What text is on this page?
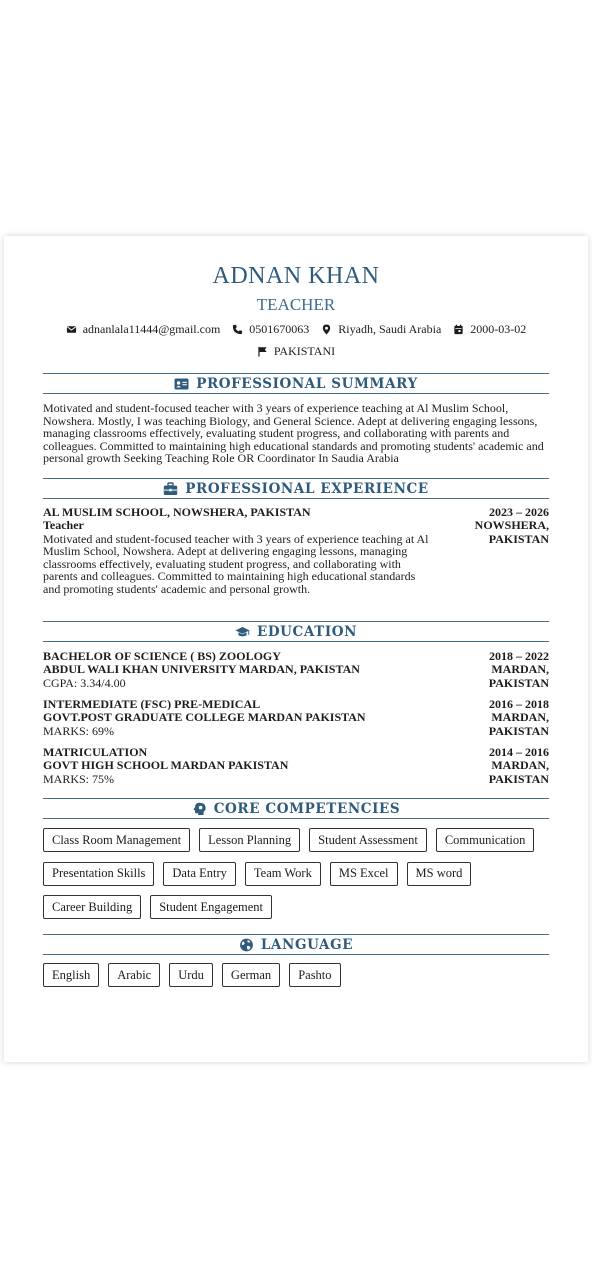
ADNAN KHAN
TEACHER
adnanlala11444@gmail.com 0501670063 Riyadh, Saudi Arabia 2000-03-02
PAKISTANI
PROFESSIONAL SUMMARY
Motivated and student-focused teacher with 3 years of experience teaching at Al Muslim School, Nowshera. Mostly, I was teaching Biology, and General Science. Adept at delivering engaging lessons, managing classrooms effectively, evaluating student progress, and collaborating with parents and colleagues. Committed to maintaining high educational standards and promoting students' academic and personal growth Seeking Teaching Role OR Coordinator In Saudia Arabia
PROFESSIONAL EXPERIENCE
AL MUSLIM SCHOOL, NOWSHERA, PAKISTAN
Teacher
Motivated and student-focused teacher with 3 years of experience teaching at Al Muslim School, Nowshera. Adept at delivering engaging lessons, managing classrooms effectively, evaluating student progress, and collaborating with parents and colleagues. Committed to maintaining high educational standards and promoting students' academic and personal growth.
2023 – 2026
NOWSHERA, PAKISTAN
EDUCATION
BACHELOR OF SCIENCE ( BS) ZOOLOGY
ABDUL WALI KHAN UNIVERSITY MARDAN, PAKISTAN
CGPA: 3.34/4.00
2018 – 2022
MARDAN, PAKISTAN
INTERMEDIATE (FSC) PRE-MEDICAL
GOVT.POST GRADUATE COLLEGE MARDAN PAKISTAN
MARKS: 69%
2016 – 2018
MARDAN, PAKISTAN
MATRICULATION
GOVT HIGH SCHOOL MARDAN PAKISTAN
MARKS: 75%
2014 – 2016
MARDAN, PAKISTAN
CORE COMPETENCIES
Class Room Management	Lesson Planning	Student Assessment	Communication
Presentation Skills	Data Entry	Team Work	MS Excel	MS word
Career Building	Student Engagement
LANGUAGE
English	Arabic	Urdu	German	Pashto
